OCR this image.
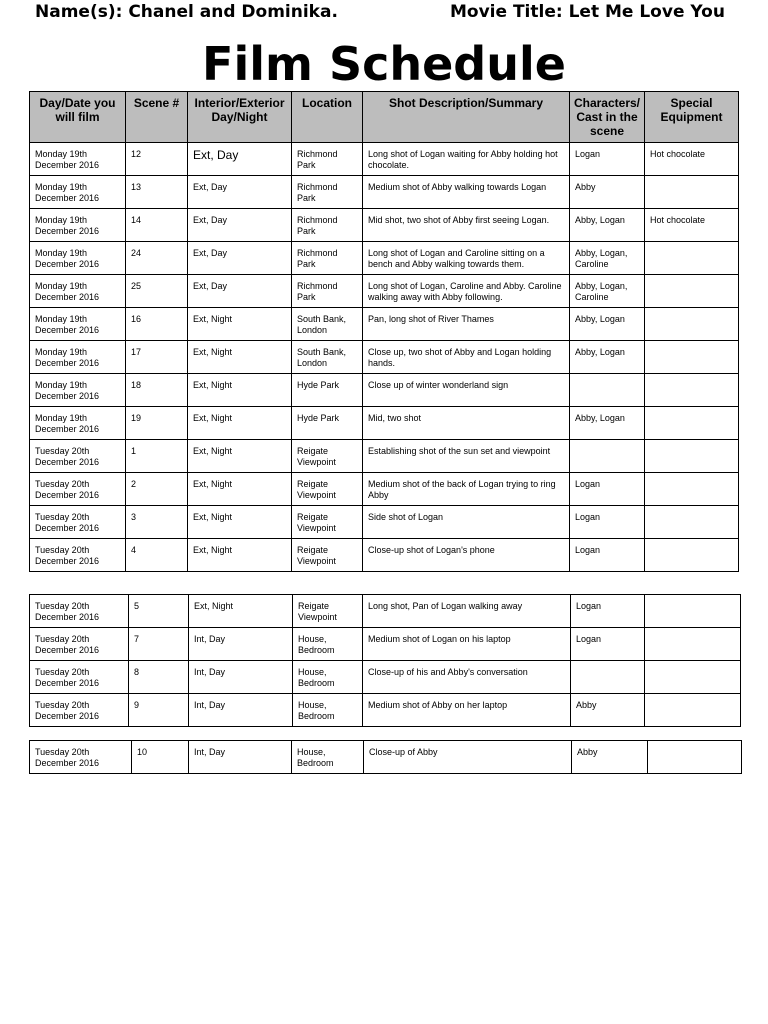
Name(s): Chanel and Dominika.	Movie Title: Let Me Love You
Film Schedule
Day/Date you will film	Scene #	Interior/Exterior Day/Night	Location	Shot Description/Summary	Characters/ Cast in the scene	Special Equipment
Monday 19th December 2016	12	Ext, Day	Richmond Park	Long shot of Logan waiting for Abby holding hot chocolate.	Logan	Hot chocolate
Monday 19th December 2016	13	Ext, Day	Richmond Park	Medium shot of Abby walking towards Logan	Abby	
Monday 19th December 2016	14	Ext, Day	Richmond Park	Mid shot, two shot of Abby first seeing Logan.	Abby, Logan	Hot chocolate
Monday 19th December 2016	24	Ext, Day	Richmond Park	Long shot of Logan and Caroline sitting on a bench and Abby walking towards them.	Abby, Logan, Caroline	
Monday 19th December 2016	25	Ext, Day	Richmond Park	Long shot of Logan, Caroline and Abby. Caroline walking away with Abby following.	Abby, Logan, Caroline	
Monday 19th December 2016	16	Ext, Night	South Bank, London	Pan, long shot of River Thames	Abby, Logan	
Monday 19th December 2016	17	Ext, Night	South Bank, London	Close up, two shot of Abby and Logan holding hands.	Abby, Logan	
Monday 19th December 2016	18	Ext, Night	Hyde Park	Close up of winter wonderland sign		
Monday 19th December 2016	19	Ext, Night	Hyde Park	Mid, two shot	Abby, Logan	
Tuesday 20th December 2016	1	Ext, Night	Reigate Viewpoint	Establishing shot of the sun set and viewpoint		
Tuesday 20th December 2016	2	Ext, Night	Reigate Viewpoint	Medium shot of the back of Logan trying to ring Abby	Logan	
Tuesday 20th December 2016	3	Ext, Night	Reigate Viewpoint	Side shot of Logan	Logan	
Tuesday 20th December 2016	4	Ext, Night	Reigate Viewpoint	Close-up shot of Logan's phone	Logan	
Tuesday 20th December 2016	5	Ext, Night	Reigate Viewpoint	Long shot, Pan of Logan walking away	Logan	
Tuesday 20th December 2016	7	Int, Day	House, Bedroom	Medium shot of Logan on his laptop	Logan	
Tuesday 20th December 2016	8	Int, Day	House, Bedroom	Close-up of his and Abby's conversation		
Tuesday 20th December 2016	9	Int, Day	House, Bedroom	Medium shot of Abby on her laptop	Abby	
Tuesday 20th December 2016	10	Int, Day	House, Bedroom	Close-up of Abby	Abby	
